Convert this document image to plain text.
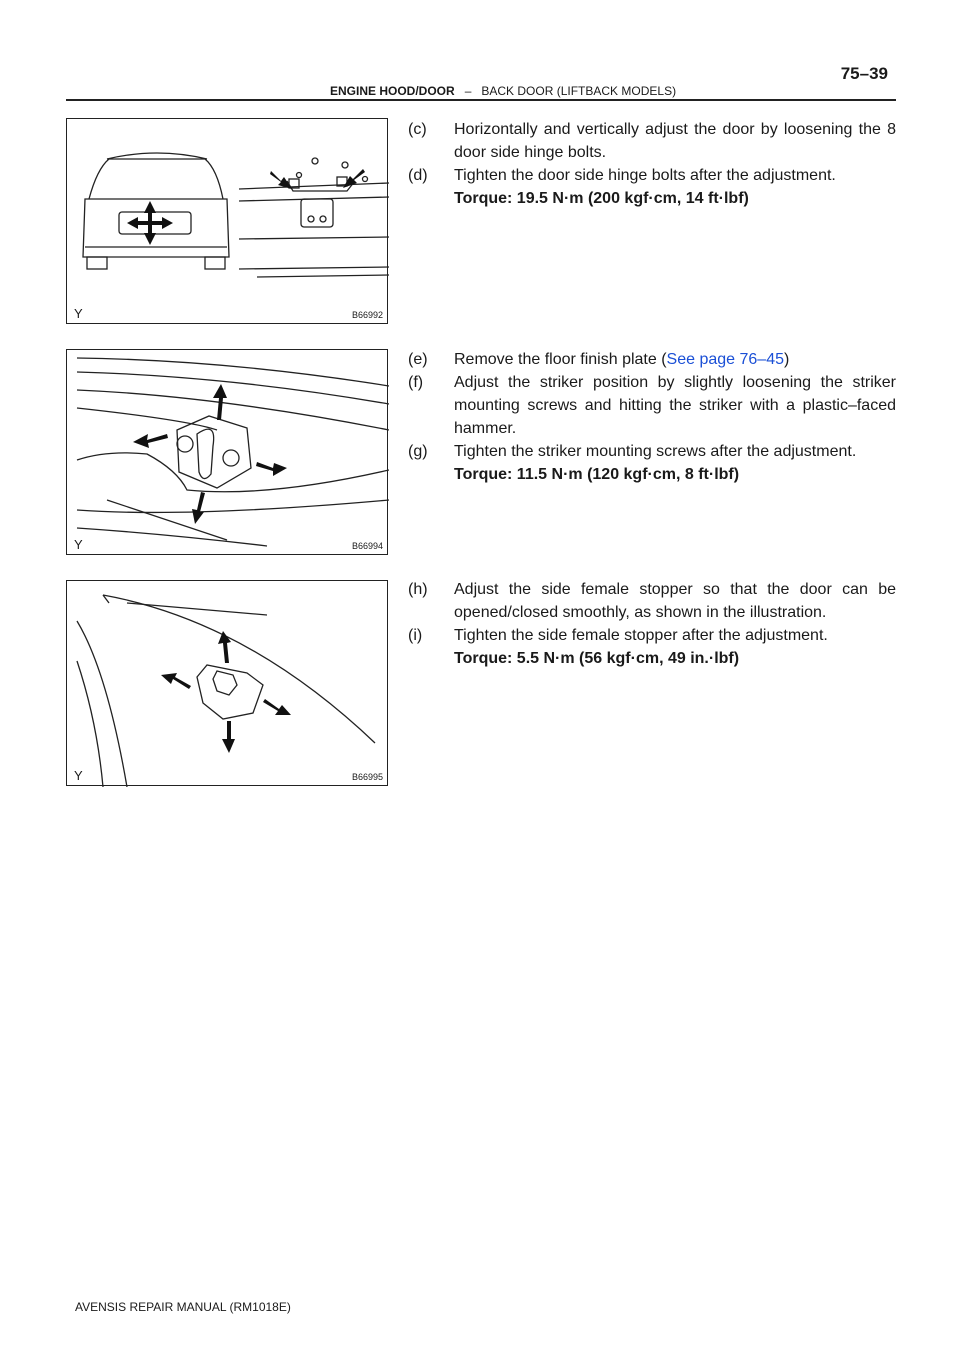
ENGINE HOOD/DOOR – BACK DOOR (LIFTBACK MODELS)
75–39
Y	B66992
Y	B66994
Y	B66995
(c) Horizontally and vertically adjust the door by loosening the 8 door side hinge bolts.
(d) Tighten the door side hinge bolts after the adjustment.
Torque: 19.5 N·m (200 kgf·cm, 14 ft·lbf)
(e) Remove the floor finish plate (See page 76–45)
(f) Adjust the striker position by slightly loosening the striker mounting screws and hitting the striker with a plastic–faced hammer.
(g) Tighten the striker mounting screws after the adjustment.
Torque: 11.5 N·m (120 kgf·cm, 8 ft·lbf)
(h) Adjust the side female stopper so that the door can be opened/closed smoothly, as shown in the illustration.
(i) Tighten the side female stopper after the adjustment.
Torque: 5.5 N·m (56 kgf·cm, 49 in.·lbf)
AVENSIS REPAIR MANUAL (RM1018E)
